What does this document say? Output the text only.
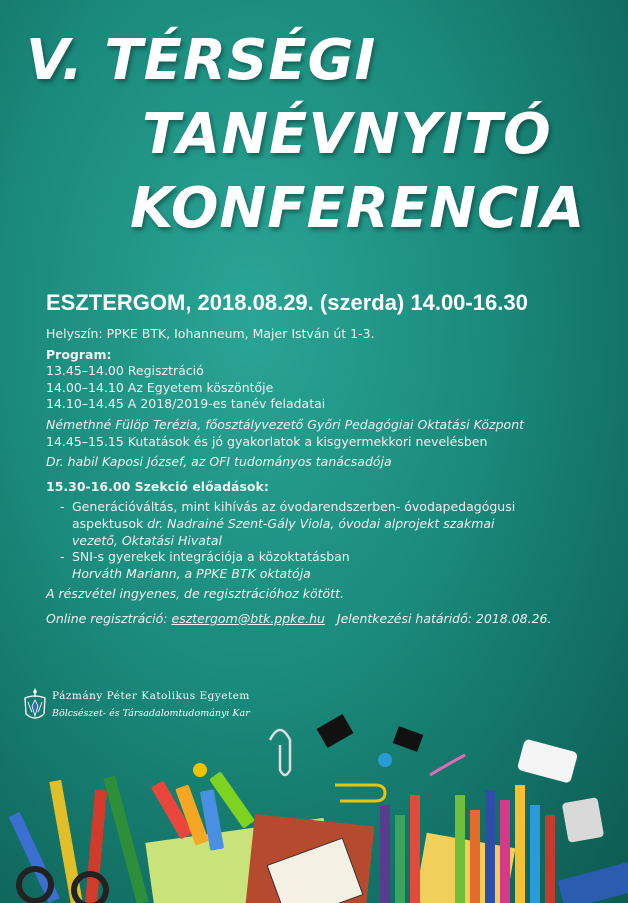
V. TÉRSÉGI
TANÉVNYITÓ
KONFERENCIA
ESZTERGOM, 2018.08.29. (szerda) 14.00-16.30
Helyszín: PPKE BTK, Iohanneum, Majer István út 1-3.
Program:
13.45–14.00 Regisztráció
14.00–14.10 Az Egyetem köszöntője
14.10–14.45 A 2018/2019-es tanév feladatai
Némethné Fülöp Terézia, főosztályvezető Győri Pedagógiai Oktatási Központ
14.45–15.15 Kutatások és jó gyakorlatok a kisgyermekkori nevelésben
Dr. habil Kaposi József, az OFI tudományos tanácsadója
15.30-16.00 Szekció előadások:
- Generációváltás, mint kihívás az óvodarendszerben- óvodapedagógusi
aspektusok dr. Nadrainé Szent-Gály Viola, óvodai alprojekt szakmai
vezető, Oktatási Hivatal
- SNI-s gyerekek integrációja a közoktatásban
Horváth Mariann, a PPKE BTK oktatója
A részvétel ingyenes, de regisztrációhoz kötött.
Online regisztráció: esztergom@btk.ppke.hu Jelentkezési határidő: 2018.08.26.
Pázmány Péter Katolikus Egyetem
Bölcsészet- és Társadalomtudományi Kar
